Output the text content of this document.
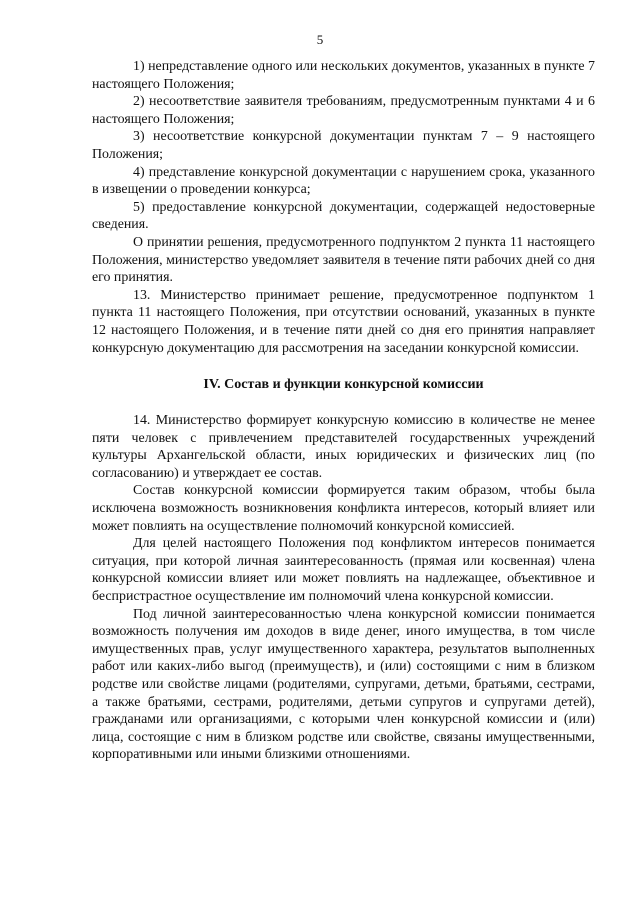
5

1) непредставление одного или нескольких документов, указанных в пункте 7 настоящего Положения;

2) несоответствие заявителя требованиям, предусмотренным пунктами 4 и 6 настоящего Положения;

3) несоответствие конкурсной документации пунктам 7 – 9 настоящего Положения;

4) представление конкурсной документации с нарушением срока, указанного в извещении о проведении конкурса;

5) предоставление конкурсной документации, содержащей недостоверные сведения.

О принятии решения, предусмотренного подпунктом 2 пункта 11 настоящего Положения, министерство уведомляет заявителя в течение пяти рабочих дней со дня его принятия.

13. Министерство принимает решение, предусмотренное подпунктом 1 пункта 11 настоящего Положения, при отсутствии оснований, указанных в пункте 12 настоящего Положения, и в течение пяти дней со дня его принятия направляет конкурсную документацию для рассмотрения на заседании конкурсной комиссии.

IV. Состав и функции конкурсной комиссии

14. Министерство формирует конкурсную комиссию в количестве не менее пяти человек с привлечением представителей государственных учреждений культуры Архангельской области, иных юридических и физических лиц (по согласованию) и утверждает ее состав.

Состав конкурсной комиссии формируется таким образом, чтобы была исключена возможность возникновения конфликта интересов, который влияет или может повлиять на осуществление полномочий конкурсной комиссией.

Для целей настоящего Положения под конфликтом интересов понимается ситуация, при которой личная заинтересованность (прямая или косвенная) члена конкурсной комиссии влияет или может повлиять на надлежащее, объективное и беспристрастное осуществление им полномочий члена конкурсной комиссии.

Под личной заинтересованностью члена конкурсной комиссии понимается возможность получения им доходов в виде денег, иного имущества, в том числе имущественных прав, услуг имущественного характера, результатов выполненных работ или каких-либо выгод (преимуществ), и (или) состоящими с ним в близком родстве или свойстве лицами (родителями, супругами, детьми, братьями, сестрами, а также братьями, сестрами, родителями, детьми супругов и супругами детей), гражданами или организациями, с которыми член конкурсной комиссии и (или) лица, состоящие с ним в близком родстве или свойстве, связаны имущественными, корпоративными или иными близкими отношениями.
